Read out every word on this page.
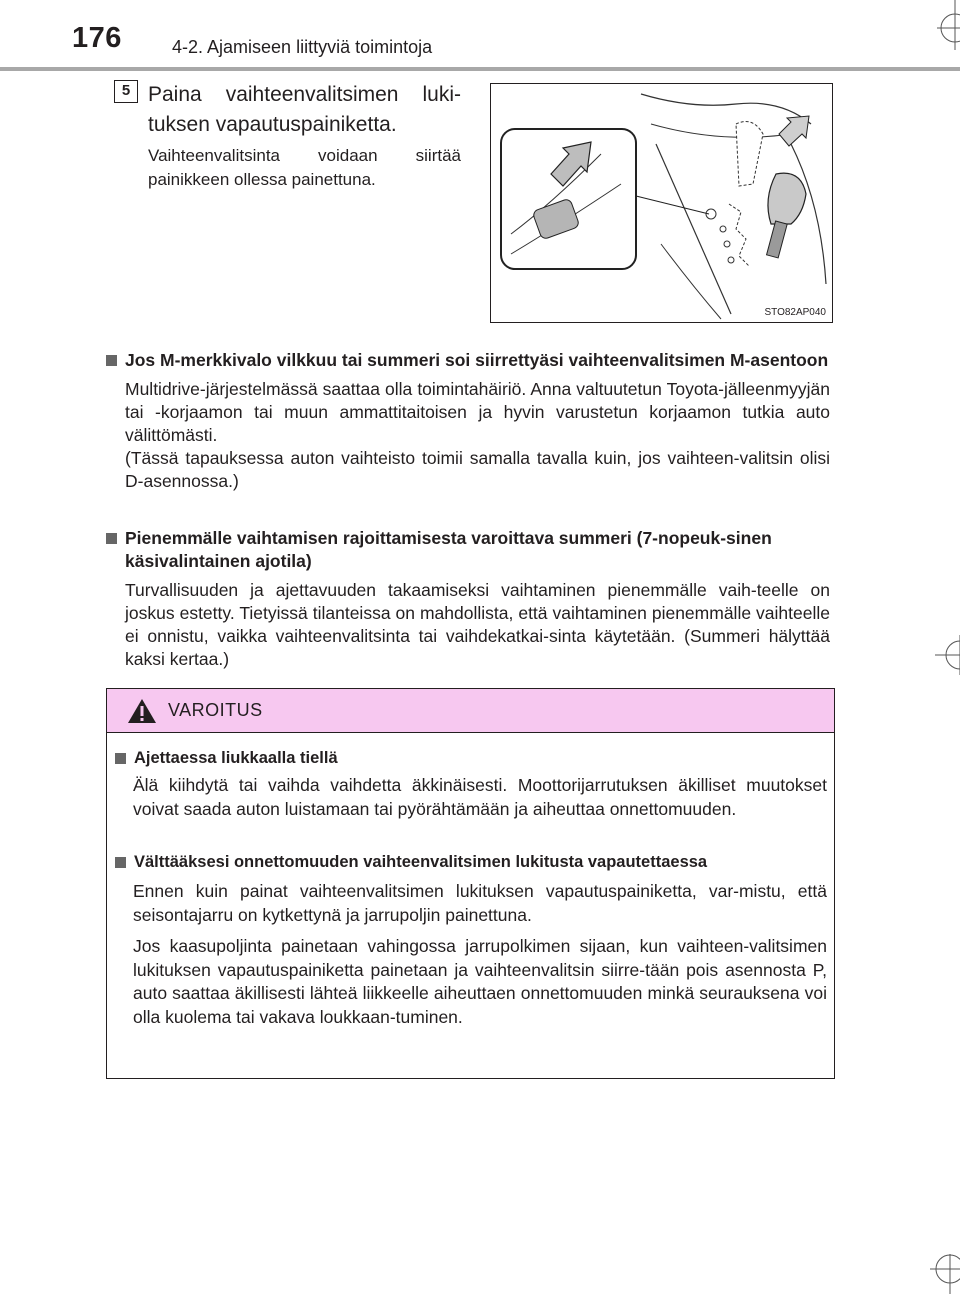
176	4-2. Ajamiseen liittyviä toimintoja
5 Paina vaihteenvalitsimen lukituksen vapautuspainiketta.
Vaihteenvalitsinta voidaan siirtää painikkeen ollessa painettuna.
STO82AP040
Jos M-merkkivalo vilkkuu tai summeri soi siirrettyäsi vaihteenvalitsimen M-asentoon

Multidrive-järjestelmässä saattaa olla toimintahäiriö. Anna valtuutetun Toyota-jälleenmyyjän tai -korjaamon tai muun ammattitaitoisen ja hyvin varustetun korjaamon tutkia auto välittömästi.

(Tässä tapauksessa auton vaihteisto toimii samalla tavalla kuin, jos vaihteen-valitsin olisi D-asennossa.)

Pienemmälle vaihtamisen rajoittamisesta varoittava summeri (7-nopeuk-sinen käsivalintainen ajotila)

Turvallisuuden ja ajettavuuden takaamiseksi vaihtaminen pienemmälle vaih-teelle on joskus estetty. Tietyissä tilanteissa on mahdollista, että vaihtaminen pienemmälle vaihteelle ei onnistu, vaikka vaihteenvalitsinta tai vaihdekatkai-sinta käytetään. (Summeri hälyttää kaksi kertaa.)

VAROITUS
Ajettaessa liukkaalla tiellä

Älä kiihdytä tai vaihda vaihdetta äkkinäisesti. Moottorijarrutuksen äkilliset muutokset voivat saada auton luistamaan tai pyörähtämään ja aiheuttaa onnettomuuden.

Välttääksesi onnettomuuden vaihteenvalitsimen lukitusta vapautettaessa

Ennen kuin painat vaihteenvalitsimen lukituksen vapautuspainiketta, var-mistu, että seisontajarru on kytkettynä ja jarrupoljin painettuna.

Jos kaasupoljinta painetaan vahingossa jarrupolkimen sijaan, kun vaihteen-valitsimen lukituksen vapautuspainiketta painetaan ja vaihteenvalitsin siirre-tään pois asennosta P, auto saattaa äkillisesti lähteä liikkeelle aiheuttaen onnettomuuden minkä seurauksena voi olla kuolema tai vakava loukkaan-tuminen.
